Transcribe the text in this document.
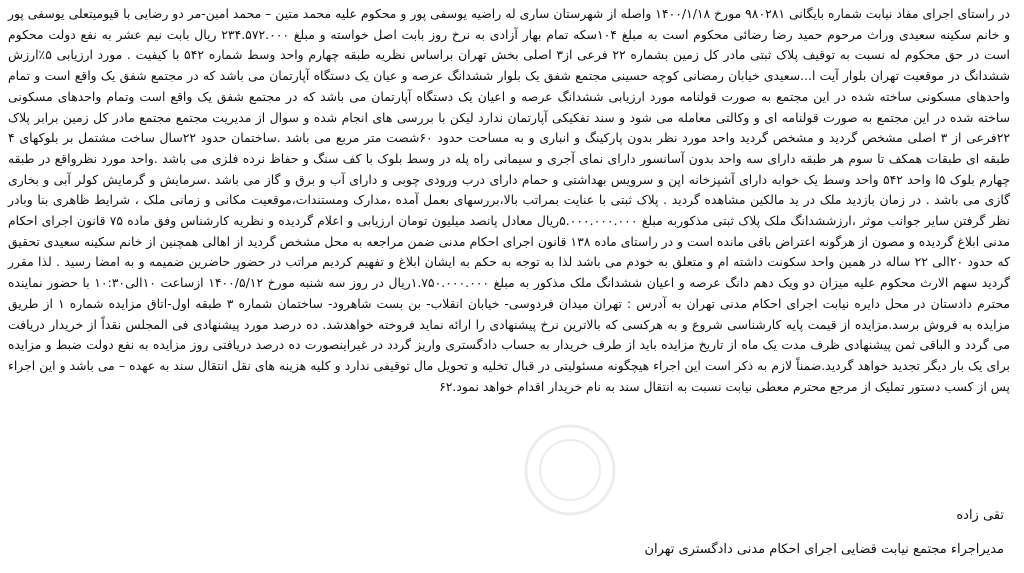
در راستای اجرای مفاد نیابت شماره بایگانی ۹۸۰۲۸۱ مورخ ۱۴۰۰/۱/۱۸ واصله از شهرستان ساری له راضیه یوسفی پور و محکوم علیه محمد متین – محمد امین-مر دو رضایی با قیومیتعلی یوسفی پور و خانم سکینه سعیدی وراث مرحوم حمید رضا رضائی محکوم است به مبلغ ۱۰۴سکه تمام بهار آزادی به نرخ روز بابت اصل خواسته و مبلغ ۲۳۴.۵۷۲.۰۰۰ ریال بابت نیم عشر به نفع دولت محکوم است در حق محکوم له نسبت به توقیف پلاک ثبتی مادر کل زمین بشماره ۲۲ فرعی از۳ اصلی بخش تهران براساس نظریه طبقه چهارم واحد وسط شماره ۵۴۲ با کیفیت . مورد ارزیابی ۵٪ارزش ششدانگ در موقعیت تهران بلوار آیت ا...سعیدی خیابان رمضانی کوچه حسینی مجتمع شفق یک بلوار ششدانگ عرصه و عیان یک دستگاه آپارتمان می باشد که در مجتمع شفق یک واقع است و تمام واحدهای مسکونی ساخته شده در این مجتمع به صورت قولنامه مورد ارزیابی ششدانگ عرصه و اعیان یک دستگاه آپارتمان می باشد که در مجتمع شفق یک واقع است وتمام واحدهای مسکونی ساخته شده در این مجتمع به صورت قولنامه ای و وکالتی معامله می شود و سند تفکیکی آپارتمان ندارد لیکن با بررسی های انجام شده و سوال از مدیریت مجتمع مجتمع مادر کل زمین برابر پلاک ۲۲فرعی از ۳ اصلی مشخص گردید و مشخص گردید واحد مورد نظر بدون پارکینگ و انباری و به مساحت حدود ۶۰شصت متر مربع می باشد .ساختمان حدود ۲۲سال ساخت مشتمل بر بلوکهای ۴ طبقه ای طبقات همکف تا سوم هر طبقه دارای سه واحد بدون آسانسور دارای نمای آجری و سیمانی راه پله در وسط بلوک با کف سنگ و حفاظ نرده فلزی می باشد .واحد مورد نظرواقع در طبقه چهارم بلوک ۵ا واحد ۵۴۲ واحد وسط یک خوابه دارای آشپزخانه اپن و سرویس بهداشتی و حمام دارای درب ورودی چوبی و دارای آب و برق و گاز می باشد .سرمایش و گرمایش کولر آبی و بخاری گازی می باشد . در زمان بازدید ملک در ید مالکین مشاهده گردید . پلاک ثبتی با عنایت بمراتب بالا،بررسهای بعمل آمده ،مدارک ومستندات،موقعیت مکانی و زمانی ملک ، شرایط ظاهری بنا وبادر نظر گرفتن سایر جوانب موثر ،ارزششدانگ ملک پلاک ثبتی مذکوربه مبلغ ۵.۰۰۰.۰۰۰.۰۰۰ریال معادل پانصد میلیون تومان ارزیابی و اعلام گردیده و نظریه کارشناس وفق ماده ۷۵ قانون اجرای احکام مدنی ابلاغ گردیده و مصون از هرگونه اعتراض باقی مانده است و در راستای ماده ۱۳۸ قانون اجرای احکام مدنی ضمن مراجعه به محل مشخص گردید از اهالی همچنین از خانم سکینه سعیدی تحقیق که حدود ۲۰الی ۲۲ ساله در همین واحد سکونت داشته ام و متعلق به خودم می باشد لذا به توجه به حکم به ایشان ابلاغ و تفهیم کردیم مراتب در حضور حاضرین ضمیمه و به امضا رسید . لذا مقرر گردید سهم الارث محکوم علیه میزان دو ویک دهم دانگ عرصه و اعیان ششدانگ ملک مذکور به مبلغ ۱.۷۵۰.۰۰۰.۰۰۰ریال در روز سه شنبه مورخ ۱۴۰۰/۵/۱۲ ازساعت ۱۰الی۱۰:۳۰ با حضور نماینده محترم دادستان در محل دایره نیابت اجرای احکام مدنی تهران به آدرس : تهران میدان فردوسی- خیابان انقلاب- بن بست شاهرود- ساختمان شماره ۳ طبقه اول-اتاق مزایده شماره ۱ از طریق مزایده به فروش برسد.مزایده از قیمت پایه کارشناسی شروع و به هرکسی که بالاترین نرخ پیشنهادی را ارائه نماید فروخته خواهدشد. ده درصد مورد پیشنهادی فی المجلس نقداً از خریدار دریافت می گردد و الباقی ثمن پیشنهادی ظرف مدت یک ماه از تاریخ مزایده باید از طرف خریدار به حساب دادگستری واریز گردد در غیراینصورت ده درصد دریافتی روز مزایده به نفع دولت ضبط و مزایده برای یک بار دیگر تجدید خواهد گردید.ضمناً لازم به ذکر است این اجراء هیچگونه مسئولیتی در قبال تخلیه و تحویل مال توقیفی ندارد و کلیه هزینه های نقل انتقال سند به عهده – می باشد و این اجراء پس از کسب دستور تملیک از مرجع محترم معطی نیابت نسبت به انتقال سند به نام خریدار اقدام خواهد نمود.۶۲

تقی زاده
مدیراجراء مجتمع نیابت قضایی اجرای احکام مدنی دادگستری تهران
